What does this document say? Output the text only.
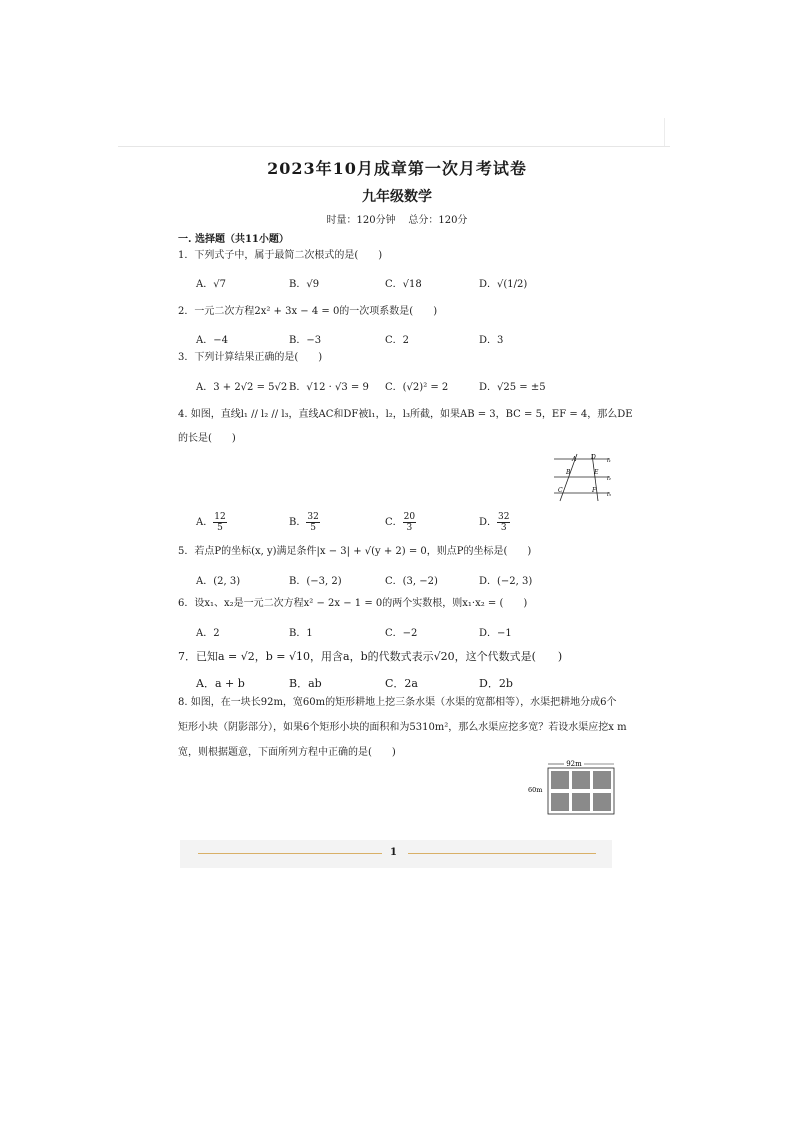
2023年10月成章第一次月考试卷
九年级数学
时量：120分钟    总分：120分
一. 选择题（共11小题）
1．下列式子中，属于最简二次根式的是(　　)
A．√7	B．√9	C．√18	D．√(1/2)
2．一元二次方程2x² + 3x − 4 = 0的一次项系数是(　　)
A．−4	B．−3	C．2	D．3
3．下列计算结果正确的是(　　)
A．3 + 2√2 = 5√2 B．√12 · √3 = 9 C．(√2)² = 2	D．√25 = ±5
4. 如图，直线l₁ // l₂ // l₃，直线AC和DF被l₁，l₂，l₃所截，如果AB = 3，BC = 5，EF = 4，那么DE
的长是(　　)
A D
B	E
C	F
l₁
l₂
l₃
A． $\frac{12}{5}$	B． $\frac{32}{5}$	C． $\frac{20}{3}$	D． $\frac{32}{3}$
5．若点P的坐标(x, y)满足条件|x − 3| + √(y + 2) = 0，则点P的坐标是(　　)
A．(2, 3)	B．(−3, 2)	C．(3, −2)	D．(−2, 3)
6．设x₁、x₂是一元二次方程x² − 2x − 1 = 0的两个实数根，则x₁·x₂ = (　　)
A．2	B．1	C．−2	D．−1
7．已知a = √2，b = √10，用含a，b的代数式表示√20，这个代数式是(　　)
A．a + b	B．ab	C．2a	D．2b
8. 如图，在一块长92m，宽60m的矩形耕地上挖三条水渠（水渠的宽都相等），水渠把耕地分成6个
矩形小块（阴影部分），如果6个矩形小块的面积和为5310m²，那么水渠应挖多宽？若设水渠应挖x m
宽，则根据题意，下面所列方程中正确的是(　　)
92m
60m
1
